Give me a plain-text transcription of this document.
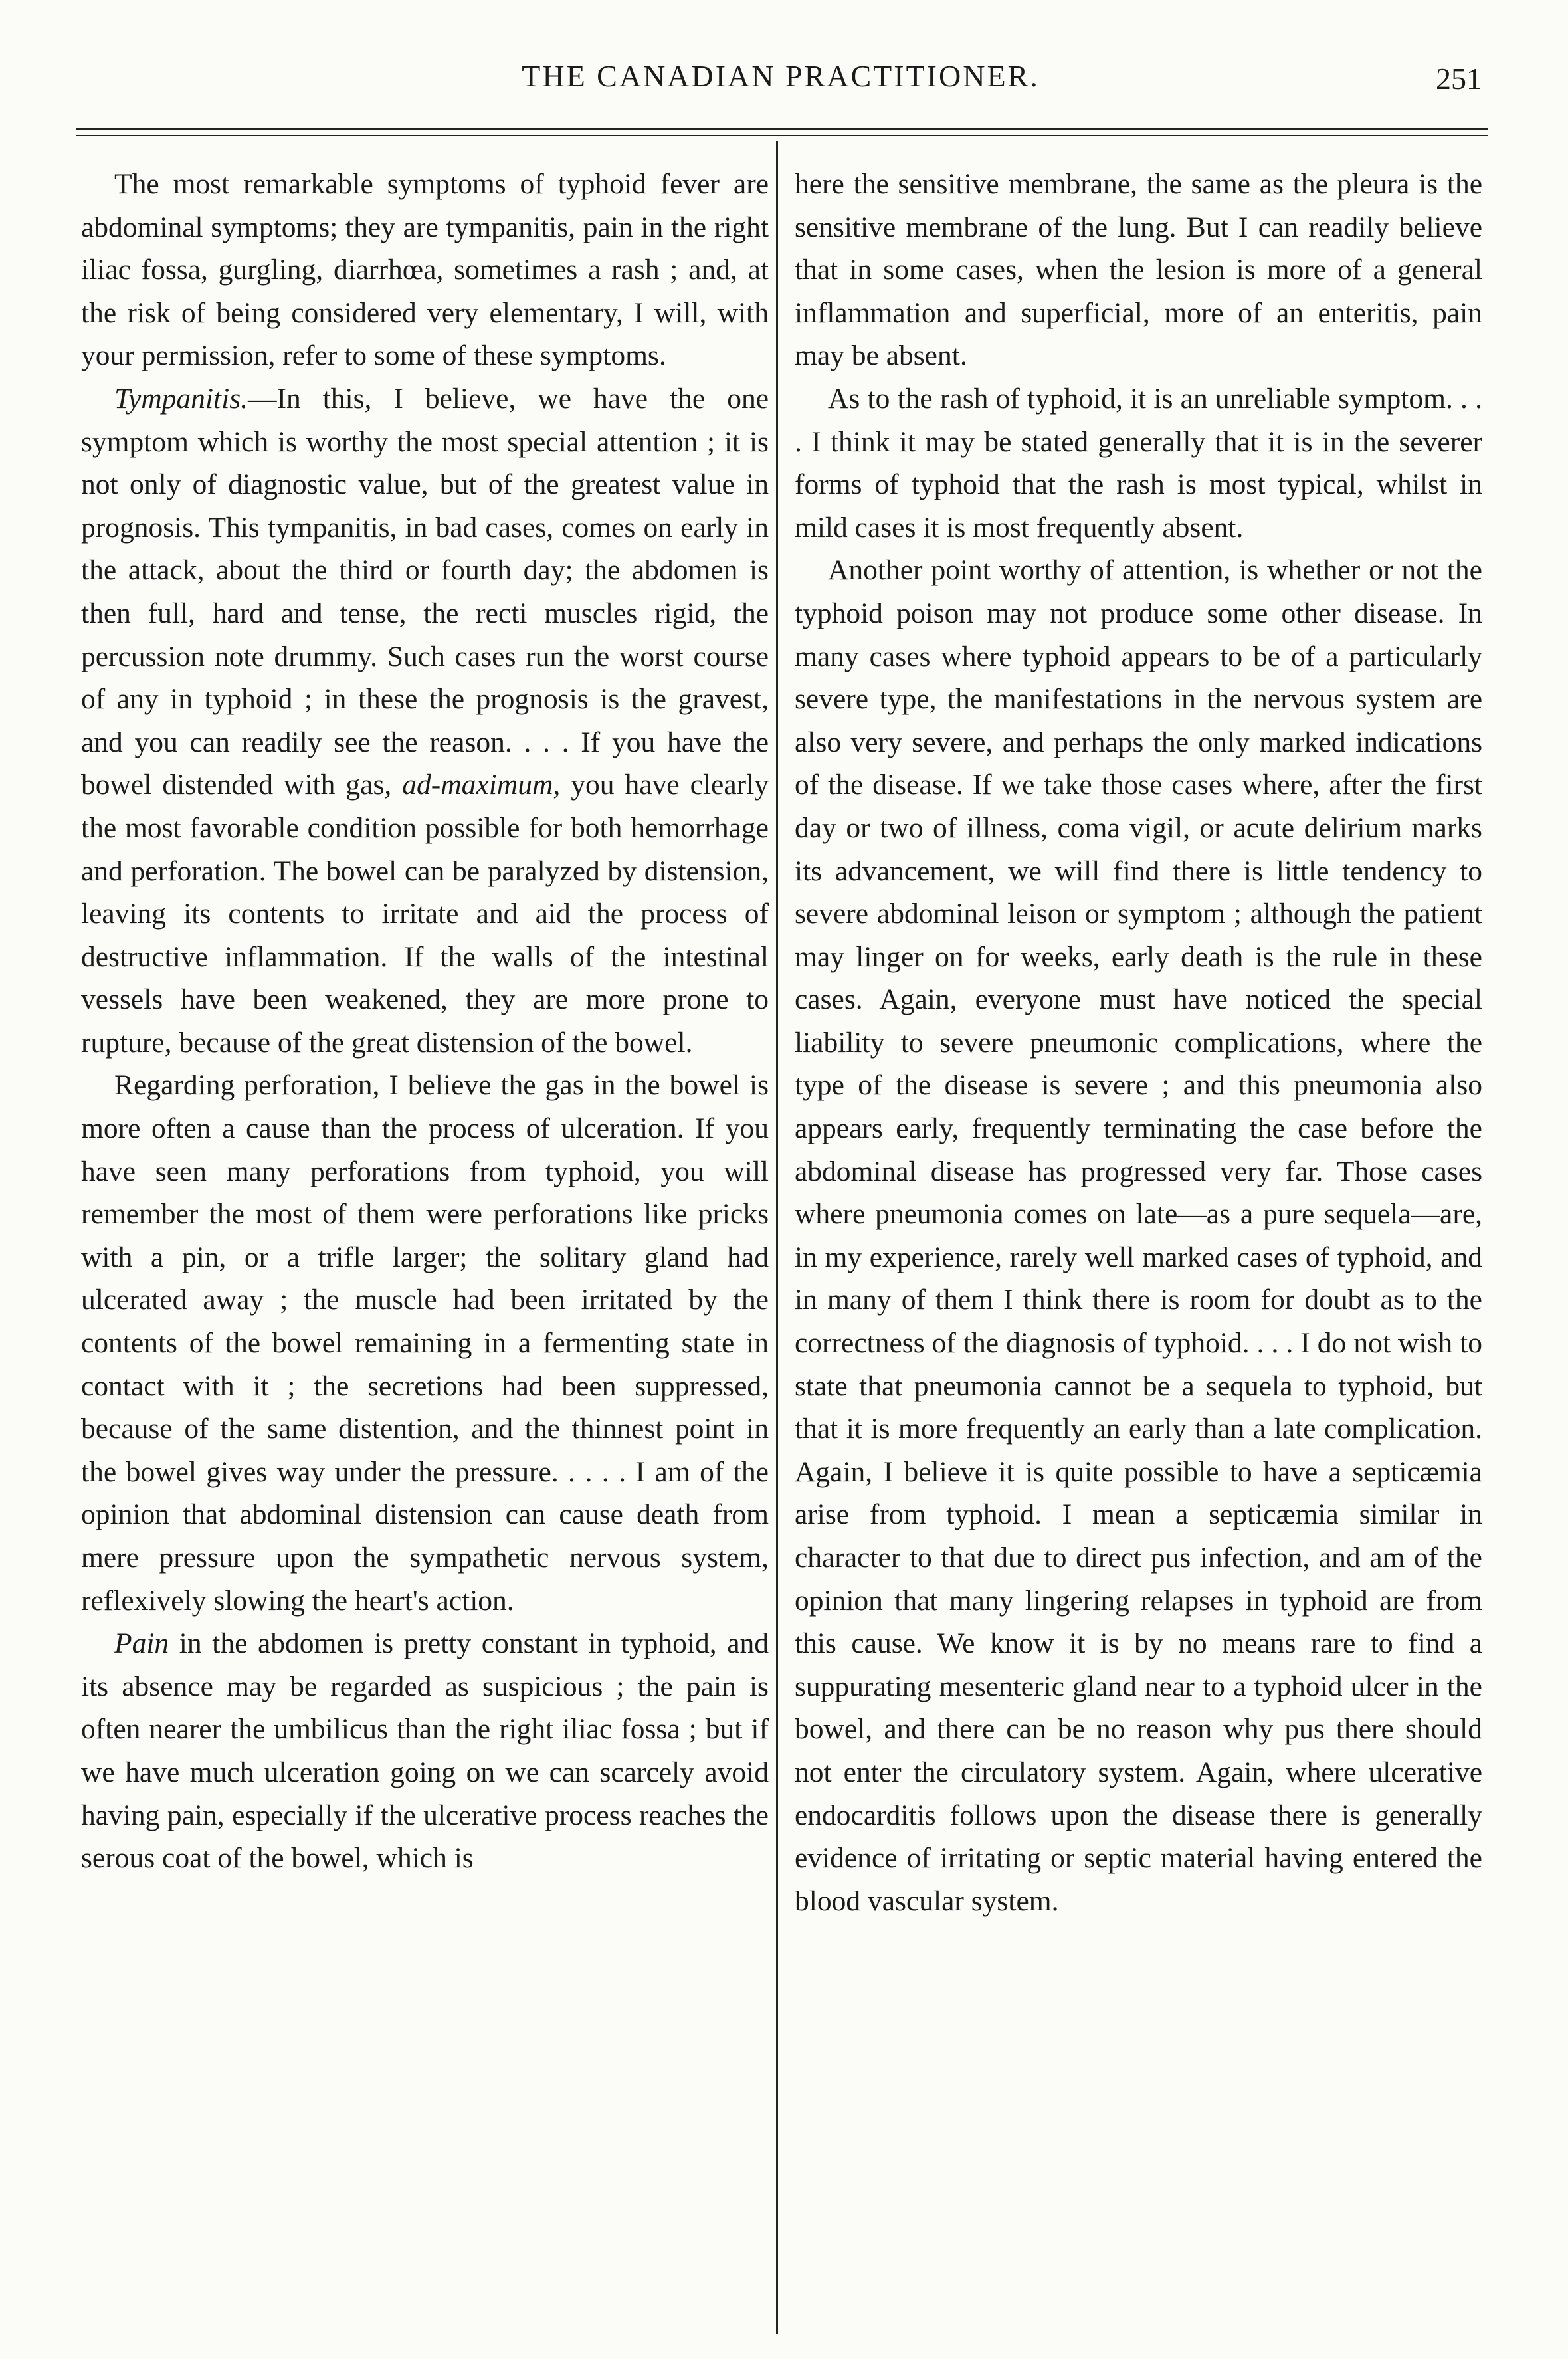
THE CANADIAN PRACTITIONER.	251

The most remarkable symptoms of typhoid fever are abdominal symptoms; they are tympanitis, pain in the right iliac fossa, gurgling, diarrhœa, sometimes a rash ; and, at the risk of being considered very elementary, I will, with your permission, refer to some of these symptoms.

Tympanitis.—In this, I believe, we have the one symptom which is worthy the most special attention ; it is not only of diagnostic value, but of the greatest value in prognosis. This tympanitis, in bad cases, comes on early in the attack, about the third or fourth day; the abdomen is then full, hard and tense, the recti muscles rigid, the percussion note drummy. Such cases run the worst course of any in typhoid ; in these the prognosis is the gravest, and you can readily see the reason. . . . If you have the bowel distended with gas, ad-maximum, you have clearly the most favorable condition possible for both hemorrhage and perforation. The bowel can be paralyzed by distension, leaving its contents to irritate and aid the process of destructive inflammation. If the walls of the intestinal vessels have been weakened, they are more prone to rupture, because of the great distension of the bowel.

Regarding perforation, I believe the gas in the bowel is more often a cause than the process of ulceration. If you have seen many perforations from typhoid, you will remember the most of them were perforations like pricks with a pin, or a trifle larger; the solitary gland had ulcerated away ; the muscle had been irritated by the contents of the bowel remaining in a fermenting state in contact with it ; the secretions had been suppressed, because of the same distention, and the thinnest point in the bowel gives way under the pressure. . . . . I am of the opinion that abdominal distension can cause death from mere pressure upon the sympathetic nervous system, reflexively slowing the heart's action.

Pain in the abdomen is pretty constant in typhoid, and its absence may be regarded as suspicious ; the pain is often nearer the umbilicus than the right iliac fossa ; but if we have much ulceration going on we can scarcely avoid having pain, especially if the ulcerative process reaches the serous coat of the bowel, which is

here the sensitive membrane, the same as the pleura is the sensitive membrane of the lung. But I can readily believe that in some cases, when the lesion is more of a general inflammation and superficial, more of an enteritis, pain may be absent.

As to the rash of typhoid, it is an unreliable symptom. . . . I think it may be stated generally that it is in the severer forms of typhoid that the rash is most typical, whilst in mild cases it is most frequently absent.

Another point worthy of attention, is whether or not the typhoid poison may not produce some other disease. In many cases where typhoid appears to be of a particularly severe type, the manifestations in the nervous system are also very severe, and perhaps the only marked indications of the disease. If we take those cases where, after the first day or two of illness, coma vigil, or acute delirium marks its advancement, we will find there is little tendency to severe abdominal leison or symptom ; although the patient may linger on for weeks, early death is the rule in these cases. Again, everyone must have noticed the special liability to severe pneumonic complications, where the type of the disease is severe ; and this pneumonia also appears early, frequently terminating the case before the abdominal disease has progressed very far. Those cases where pneumonia comes on late—as a pure sequela—are, in my experience, rarely well marked cases of typhoid, and in many of them I think there is room for doubt as to the correctness of the diagnosis of typhoid. . . . I do not wish to state that pneumonia cannot be a sequela to typhoid, but that it is more frequently an early than a late complication. Again, I believe it is quite possible to have a septicæmia arise from typhoid. I mean a septicæmia similar in character to that due to direct pus infection, and am of the opinion that many lingering relapses in typhoid are from this cause. We know it is by no means rare to find a suppurating mesenteric gland near to a typhoid ulcer in the bowel, and there can be no reason why pus there should not enter the circulatory system. Again, where ulcerative endocarditis follows upon the disease there is generally evidence of irritating or septic material having entered the blood vascular system.
